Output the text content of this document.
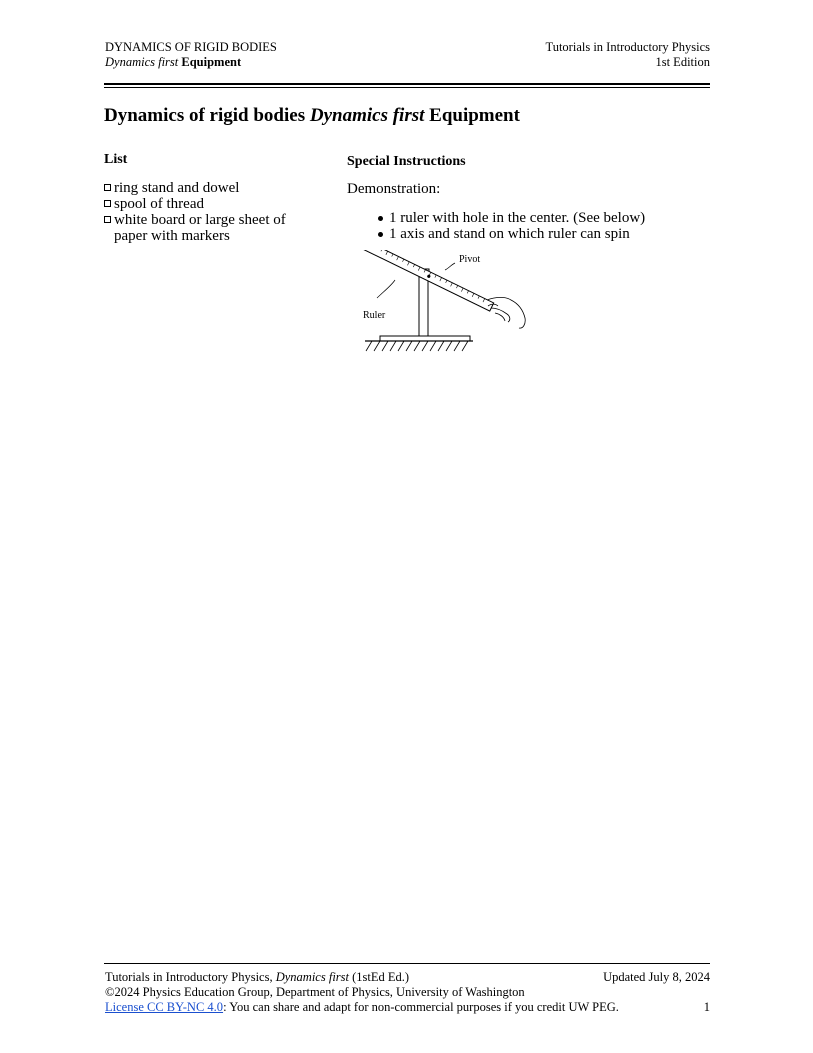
DYNAMICS OF RIGID BODIES
Dynamics first Equipment
Tutorials in Introductory Physics
1st Edition
Dynamics of rigid bodies Dynamics first Equipment
List
ring stand and dowel
spool of thread
white board or large sheet of paper with markers
Special Instructions
Demonstration:
1 ruler with hole in the center. (See below)
1 axis and stand on which ruler can spin
Pivot
Ruler
Tutorials in Introductory Physics, Dynamics first (1stEd Ed.)	Updated July 8, 2024
©2024 Physics Education Group, Department of Physics, University of Washington
License CC BY-NC 4.0: You can share and adapt for non-commercial purposes if you credit UW PEG.	1
